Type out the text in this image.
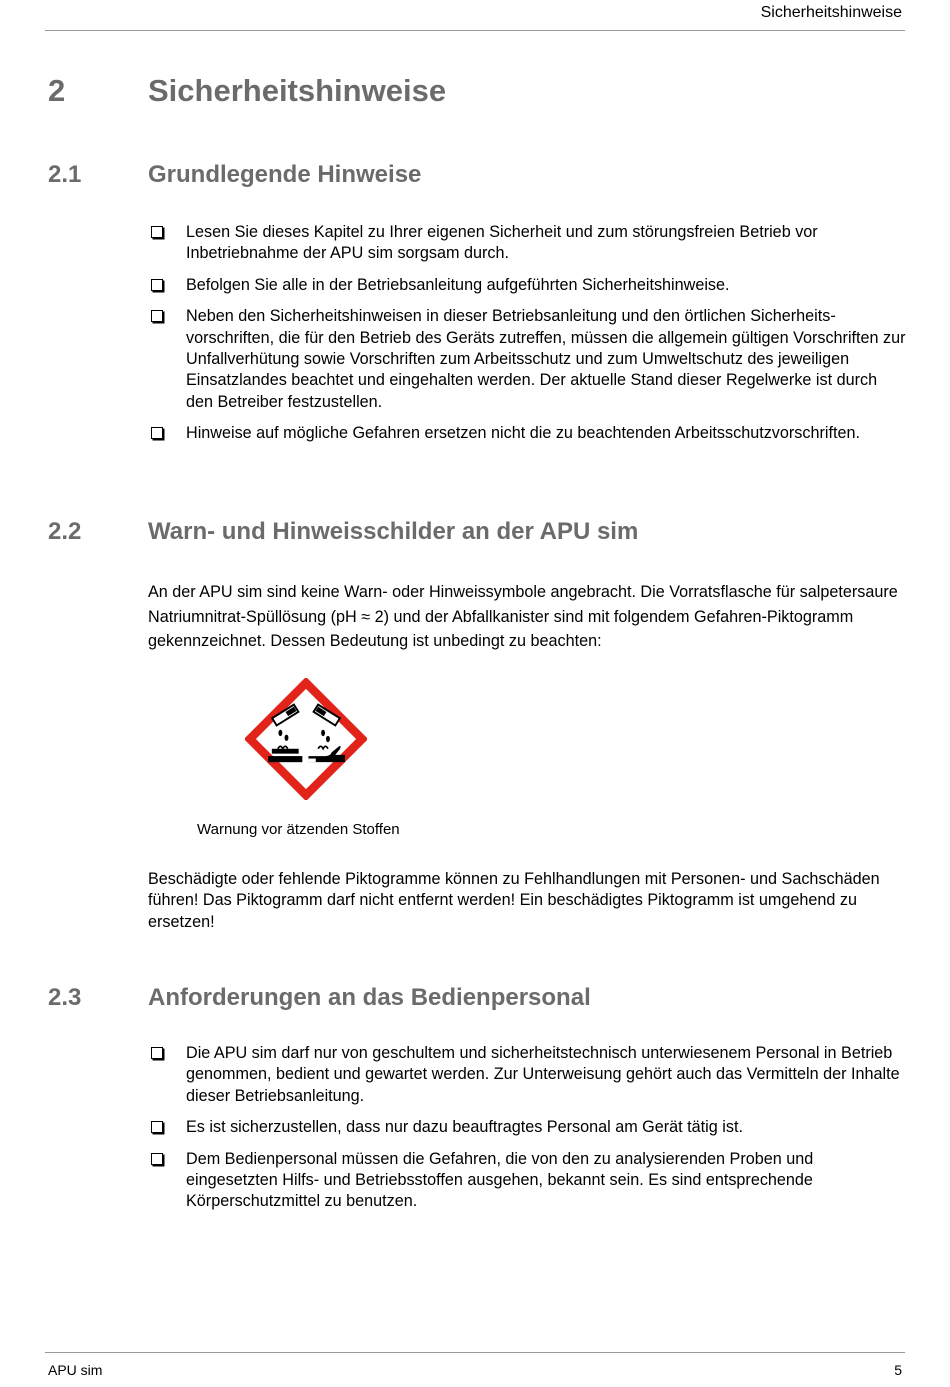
Sicherheitshinweise
2	Sicherheitshinweise
2.1	Grundlegende Hinweise
Lesen Sie dieses Kapitel zu Ihrer eigenen Sicherheit und zum störungsfreien Betrieb vor Inbetriebnahme der APU sim sorgsam durch.
Befolgen Sie alle in der Betriebsanleitung aufgeführten Sicherheitshinweise.
Neben den Sicherheitshinweisen in dieser Betriebsanleitung und den örtlichen Sicherheitsvorschriften, die für den Betrieb des Geräts zutreffen, müssen die allgemein gültigen Vorschriften zur Unfallverhütung sowie Vorschriften zum Arbeitsschutz und zum Umweltschutz des jeweiligen Einsatzlandes beachtet und eingehalten werden. Der aktuelle Stand dieser Regelwerke ist durch den Betreiber festzustellen.
Hinweise auf mögliche Gefahren ersetzen nicht die zu beachtenden Arbeitsschutzvorschriften.
2.2	Warn- und Hinweisschilder an der APU sim

An der APU sim sind keine Warn- oder Hinweissymbole angebracht. Die Vorratsflasche für salpetersaure Natriumnitrat-Spüllösung (pH ≈ 2) und der Abfallkanister sind mit folgendem Gefahren-Piktogramm gekennzeichnet. Dessen Bedeutung ist unbedingt zu beachten:

Warnung vor ätzenden Stoffen

Beschädigte oder fehlende Piktogramme können zu Fehlhandlungen mit Personen- und Sachschäden führen! Das Piktogramm darf nicht entfernt werden! Ein beschädigtes Piktogramm ist umgehend zu ersetzen!

2.3	Anforderungen an das Bedienpersonal
Die APU sim darf nur von geschultem und sicherheitstechnisch unterwiesenem Personal in Betrieb genommen, bedient und gewartet werden. Zur Unterweisung gehört auch das Vermitteln der Inhalte dieser Betriebsanleitung.
Es ist sicherzustellen, dass nur dazu beauftragtes Personal am Gerät tätig ist.
Dem Bedienpersonal müssen die Gefahren, die von den zu analysierenden Proben und eingesetzten Hilfs- und Betriebsstoffen ausgehen, bekannt sein. Es sind entsprechende Körperschutzmittel zu benutzen.
APU sim	5
